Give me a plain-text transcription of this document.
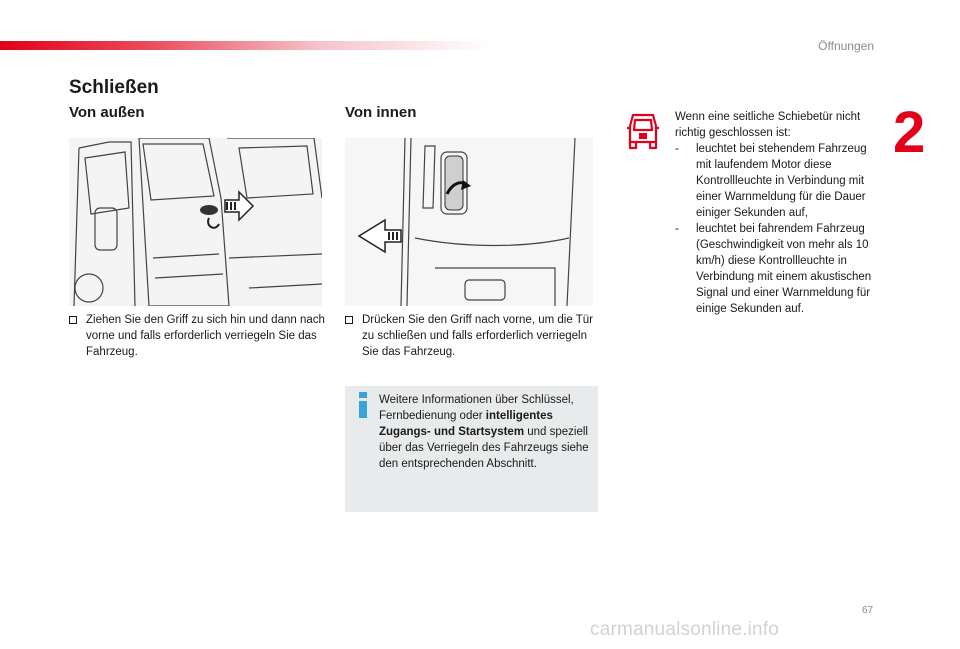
Öffnungen
2
Schließen
Von außen	Von innen
Ziehen Sie den Griff zu sich hin und dann nach vorne und falls erforderlich verriegeln Sie das Fahrzeug.
Drücken Sie den Griff nach vorne, um die Tür zu schließen und falls erforderlich verriegeln Sie das Fahrzeug.
Weitere Informationen über Schlüssel, Fernbedienung oder intelligentes Zugangs- und Startsystem und speziell über das Verriegeln des Fahrzeugs siehe den entsprechenden Abschnitt.
Wenn eine seitliche Schiebetür nicht richtig geschlossen ist:
- leuchtet bei stehendem Fahrzeug mit laufendem Motor diese Kontrollleuchte in Verbindung mit einer Warnmeldung für die Dauer einiger Sekunden auf,
- leuchtet bei fahrendem Fahrzeug (Geschwindigkeit von mehr als 10 km/h) diese Kontrollleuchte in Verbindung mit einem akustischen Signal und einer Warnmeldung für einige Sekunden auf.
67
carmanualsonline.info
